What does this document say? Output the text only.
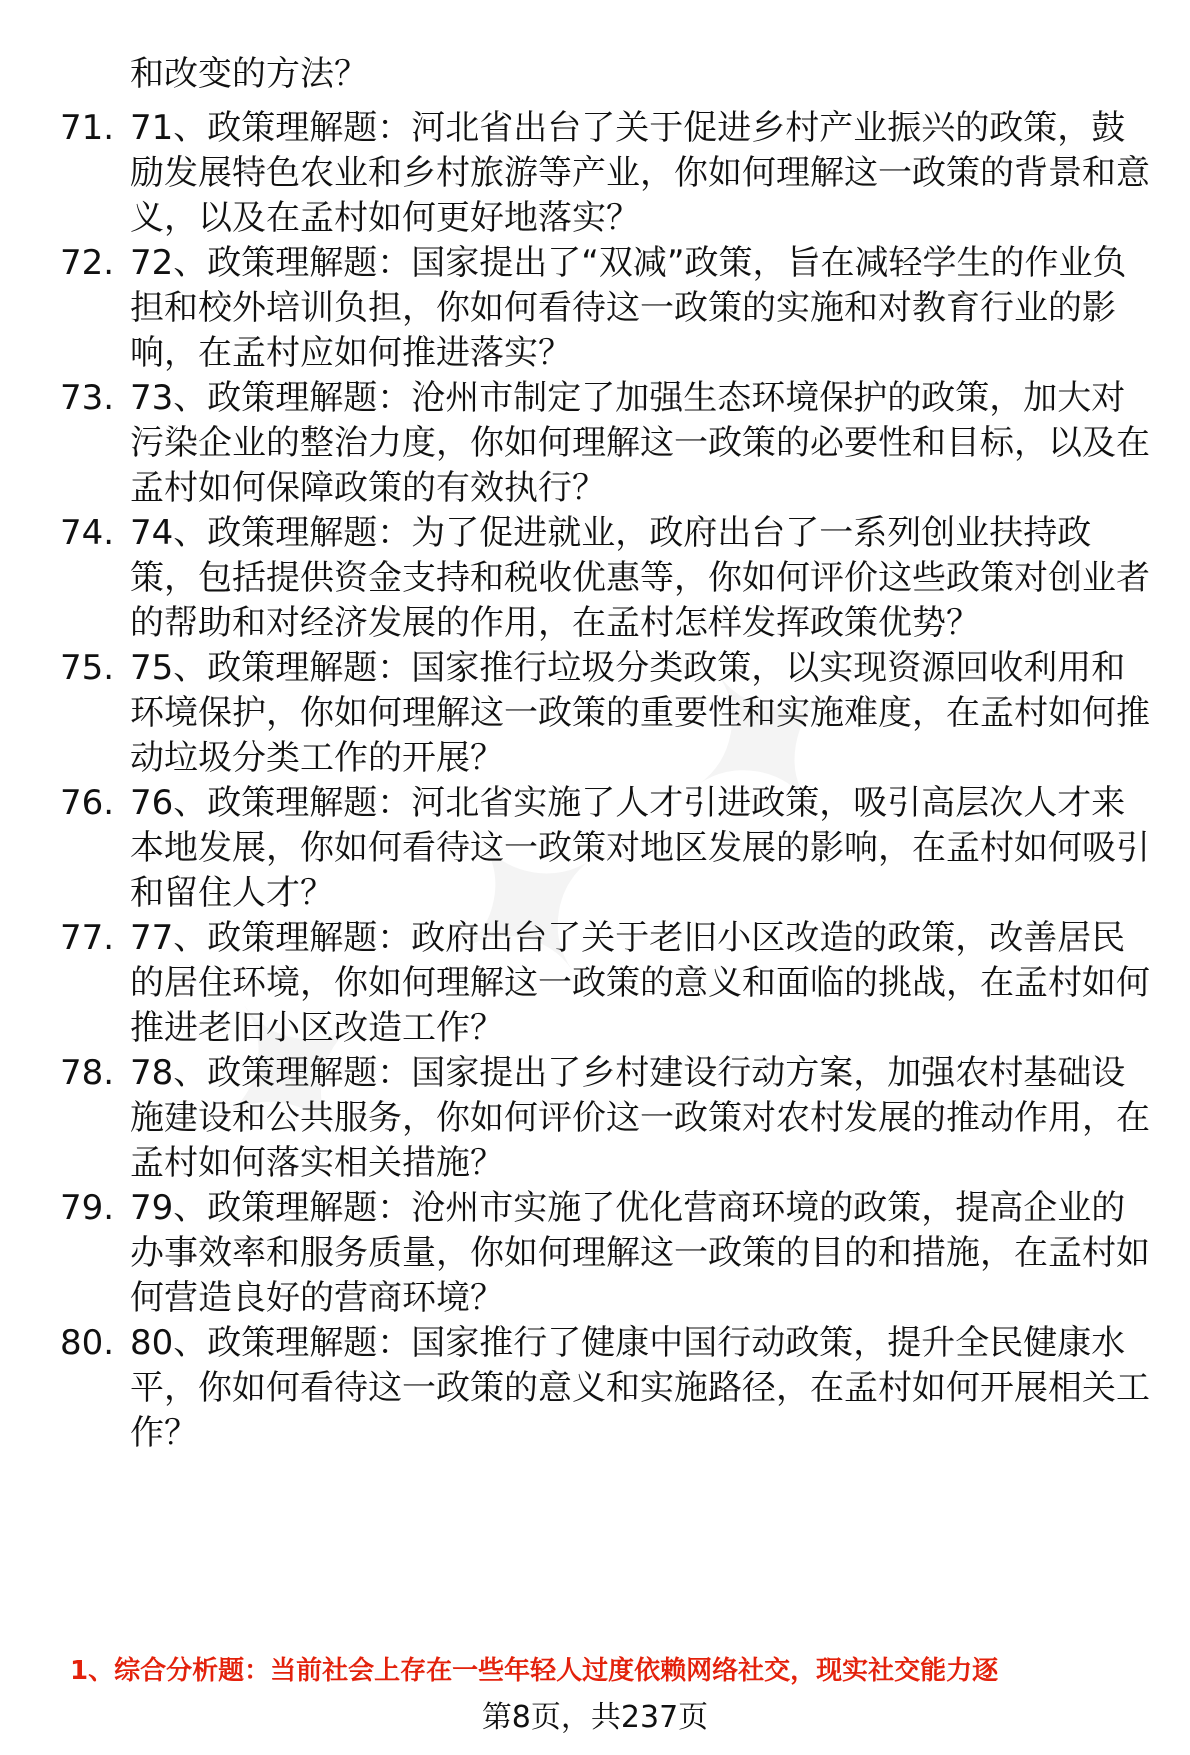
和改变的方法？
71. 71、政策理解题：河北省出台了关于促进乡村产业振兴的政策，鼓励发展特色农业和乡村旅游等产业，你如何理解这一政策的背景和意义，以及在孟村如何更好地落实？
72. 72、政策理解题：国家提出了“双减”政策，旨在减轻学生的作业负担和校外培训负担，你如何看待这一政策的实施和对教育行业的影响，在孟村应如何推进落实？
73. 73、政策理解题：沧州市制定了加强生态环境保护的政策，加大对污染企业的整治力度，你如何理解这一政策的必要性和目标，以及在孟村如何保障政策的有效执行？
74. 74、政策理解题：为了促进就业，政府出台了一系列创业扶持政策，包括提供资金支持和税收优惠等，你如何评价这些政策对创业者的帮助和对经济发展的作用，在孟村怎样发挥政策优势？
75. 75、政策理解题：国家推行垃圾分类政策，以实现资源回收利用和环境保护，你如何理解这一政策的重要性和实施难度，在孟村如何推动垃圾分类工作的开展？
76. 76、政策理解题：河北省实施了人才引进政策，吸引高层次人才来本地发展，你如何看待这一政策对地区发展的影响，在孟村如何吸引和留住人才？
77. 77、政策理解题：政府出台了关于老旧小区改造的政策，改善居民的居住环境，你如何理解这一政策的意义和面临的挑战，在孟村如何推进老旧小区改造工作？
78. 78、政策理解题：国家提出了乡村建设行动方案，加强农村基础设施建设和公共服务，你如何评价这一政策对农村发展的推动作用，在孟村如何落实相关措施？
79. 79、政策理解题：沧州市实施了优化营商环境的政策，提高企业的办事效率和服务质量，你如何理解这一政策的目的和措施，在孟村如何营造良好的营商环境？
80. 80、政策理解题：国家推行了健康中国行动政策，提升全民健康水平，你如何看待这一政策的意义和实施路径，在孟村如何开展相关工作？
1、综合分析题：当前社会上存在一些年轻人过度依赖网络社交，现实社交能力逐
第8页，共237页
